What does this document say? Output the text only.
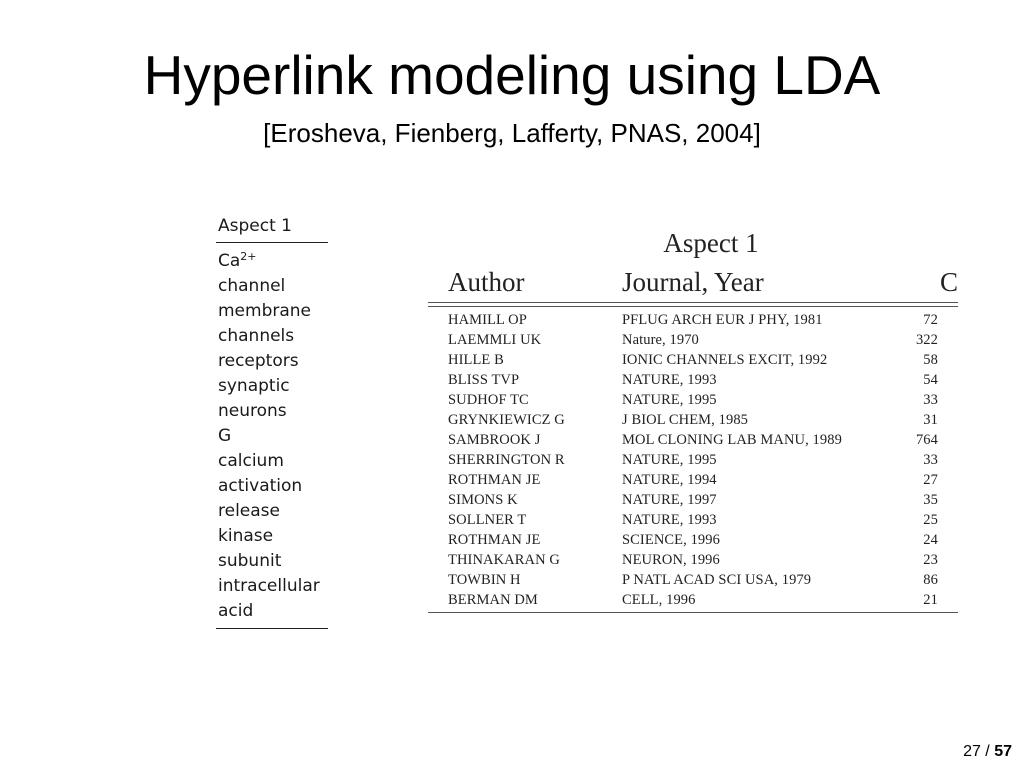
Hyperlink modeling using LDA
[Erosheva, Fienberg, Lafferty, PNAS, 2004]
Aspect 1
$Ca^{2+}$
channel
membrane
channels
receptors
synaptic
neurons
G
calcium
activation
release
kinase
subunit
intracellular
acid
Aspect 1
Author	Journal, Year	C
HAMILL OP	PFLUG ARCH EUR J PHY, 1981	72
LAEMMLI UK	Nature, 1970	322
HILLE B	IONIC CHANNELS EXCIT, 1992	58
BLISS TVP	NATURE, 1993	54
SUDHOF TC	NATURE, 1995	33
GRYNKIEWICZ G	J BIOL CHEM, 1985	31
SAMBROOK J	MOL CLONING LAB MANU, 1989	764
SHERRINGTON R	NATURE, 1995	33
ROTHMAN JE	NATURE, 1994	27
SIMONS K	NATURE, 1997	35
SOLLNER T	NATURE, 1993	25
ROTHMAN JE	SCIENCE, 1996	24
THINAKARAN G	NEURON, 1996	23
TOWBIN H	P NATL ACAD SCI USA, 1979	86
BERMAN DM	CELL, 1996	21
27 / 57
